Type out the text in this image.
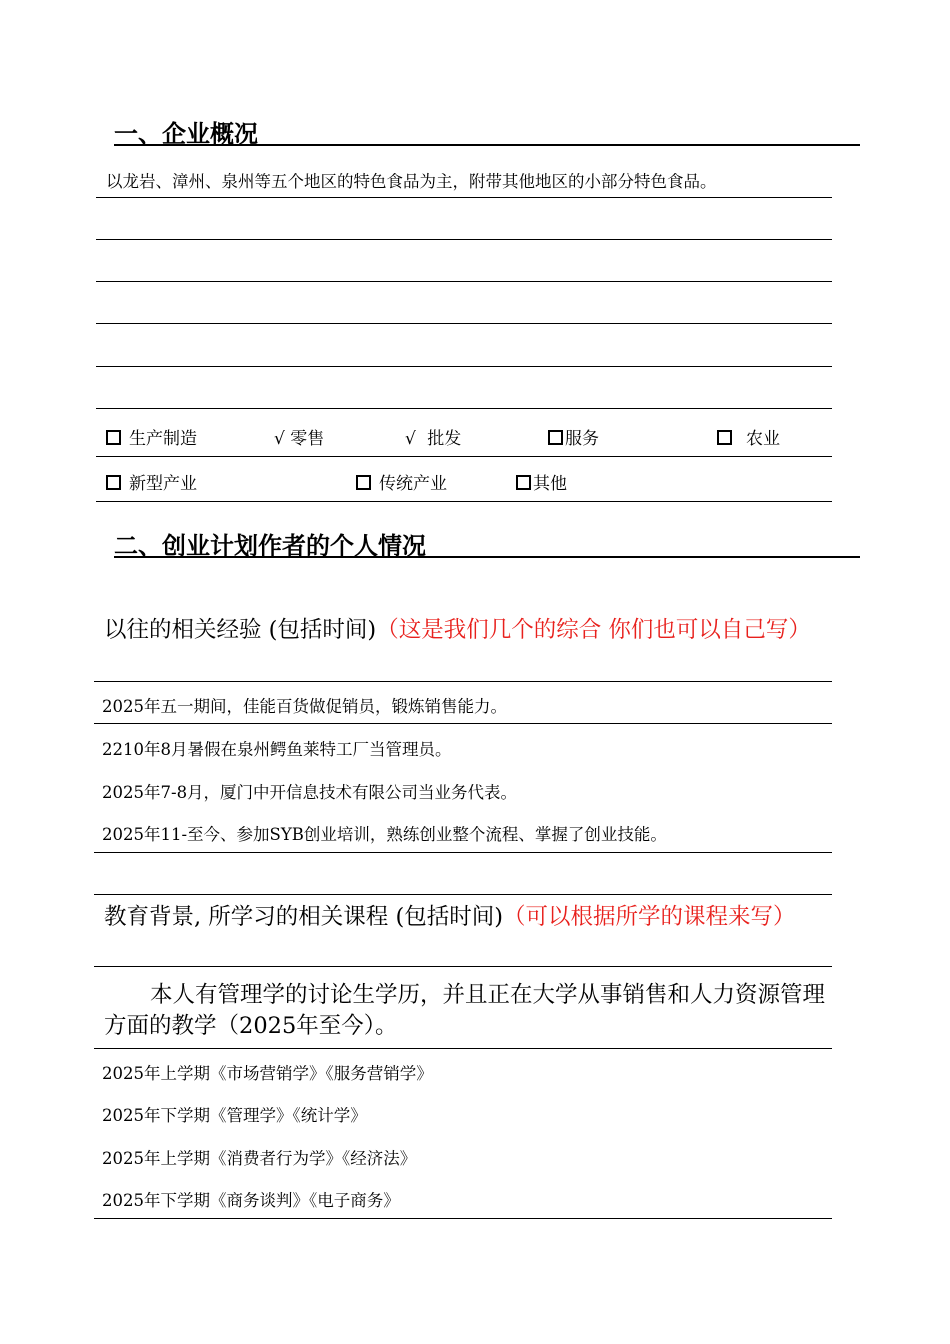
一、企业概况
以龙岩、漳州、泉州等五个地区的特色食品为主，附带其他地区的小部分特色食品。
生产制造	√ 零售	√ 批发	服务	农业
新型产业	传统产业	其他
二、创业计划作者的个人情况
以往的相关经验 (包括时间)（这是我们几个的综合 你们也可以自己写）
2025年五一期间，佳能百货做促销员，锻炼销售能力。
2210年8月暑假在泉州鳄鱼莱特工厂当管理员。
2025年7-8月，厦门中开信息技术有限公司当业务代表。
2025年11-至今、参加SYB创业培训，熟练创业整个流程、掌握了创业技能。
教育背景, 所学习的相关课程 (包括时间)（可以根据所学的课程来写）
本人有管理学的讨论生学历，并且正在大学从事销售和人力资源管理方面的教学（2025年至今）。
2025年上学期《市场营销学》《服务营销学》
2025年下学期《管理学》《统计学》
2025年上学期《消费者行为学》《经济法》
2025年下学期《商务谈判》《电子商务》
